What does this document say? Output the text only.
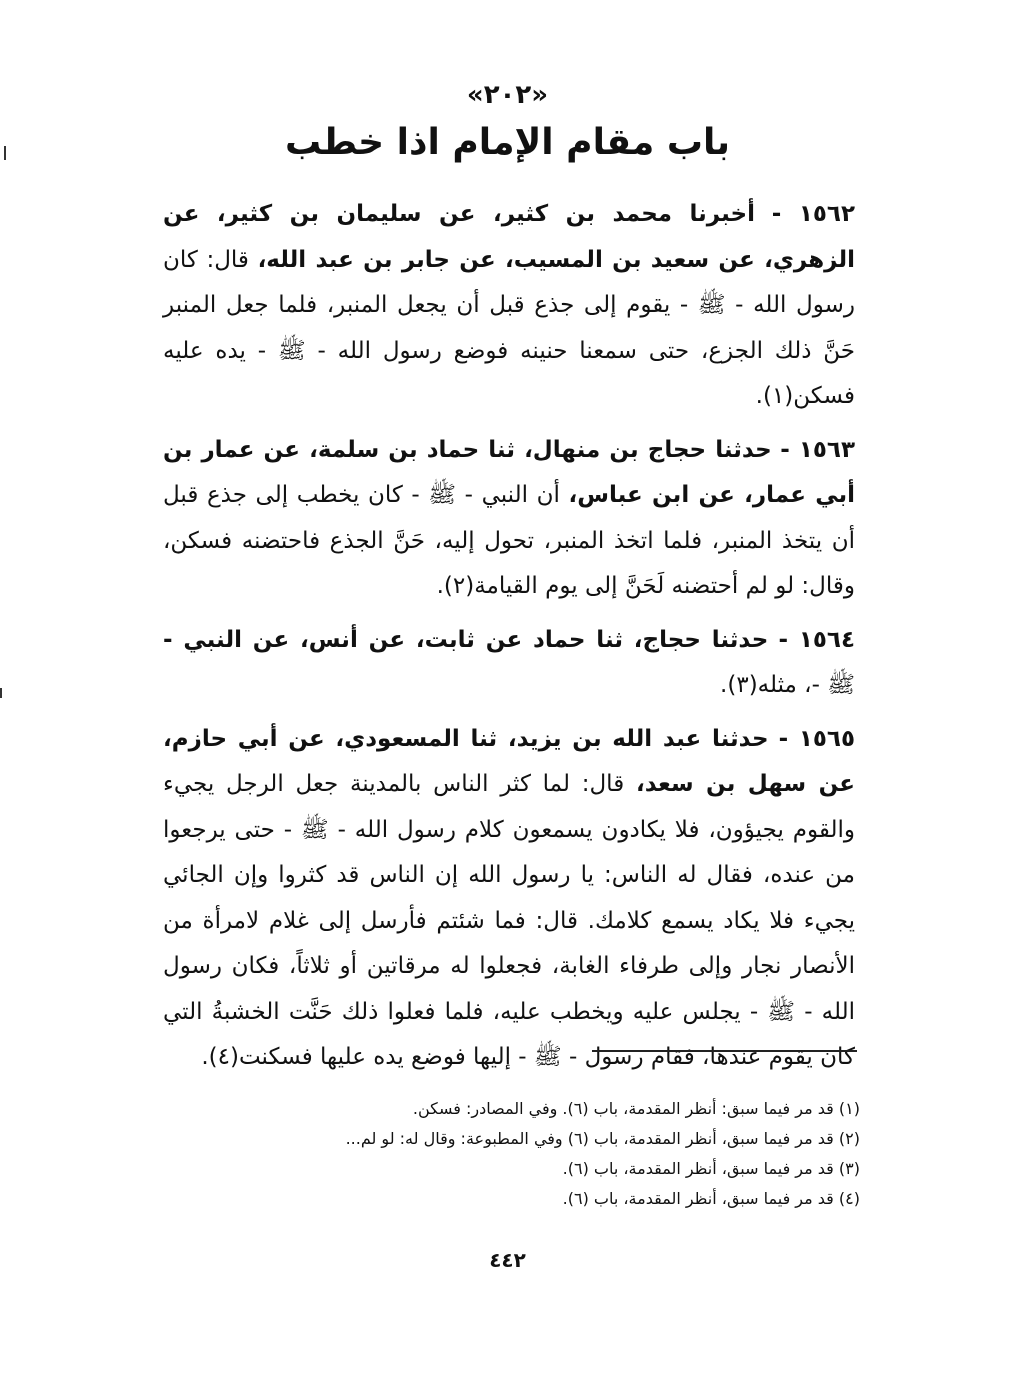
«٢٠٢»
باب مقام الإمام اذا خطب

١٥٦٢ - أخبرنا محمد بن كثير، عن سليمان بن كثير، عن الزهري، عن سعيد بن المسيب، عن جابر بن عبد الله، قال: كان رسول الله - ﷺ - يقوم إلى جذع قبل أن يجعل المنبر، فلما جعل المنبر حَنَّ ذلك الجزع، حتى سمعنا حنينه فوضع رسول الله - ﷺ - يده عليه فسكن(١).

١٥٦٣ - حدثنا حجاج بن منهال، ثنا حماد بن سلمة، عن عمار بن أبي عمار، عن ابن عباس، أن النبي - ﷺ - كان يخطب إلى جذع قبل أن يتخذ المنبر، فلما اتخذ المنبر، تحول إليه، حَنَّ الجذع فاحتضنه فسكن، وقال: لو لم أحتضنه لَحَنَّ إلى يوم القيامة(٢).

١٥٦٤ - حدثنا حجاج، ثنا حماد عن ثابت، عن أنس، عن النبي - ﷺ -، مثله(٣).

١٥٦٥ - حدثنا عبد الله بن يزيد، ثنا المسعودي، عن أبي حازم، عن سهل بن سعد، قال: لما كثر الناس بالمدينة جعل الرجل يجيء والقوم يجيؤون، فلا يكادون يسمعون كلام رسول الله - ﷺ - حتى يرجعوا من عنده، فقال له الناس: يا رسول الله إن الناس قد كثروا وإن الجائي يجيء فلا يكاد يسمع كلامك. قال: فما شئتم فأرسل إلى غلام لامرأة من الأنصار نجار وإلى طرفاء الغابة، فجعلوا له مرقاتين أو ثلاثاً، فكان رسول الله - ﷺ - يجلس عليه ويخطب عليه، فلما فعلوا ذلك حَنَّت الخشبةُ التي كان يقوم عندها، فقام رسول - ﷺ - إليها فوضع يده عليها فسكنت(٤).

(١) قد مر فيما سبق: أنظر المقدمة، باب (٦). وفي المصادر: فسكن.

(٢) قد مر فيما سبق، أنظر المقدمة، باب (٦) وفي المطبوعة: وقال له: لو لم...

(٣) قد مر فيما سبق، أنظر المقدمة، باب (٦).

(٤) قد مر فيما سبق، أنظر المقدمة، باب (٦).

٤٤٢
